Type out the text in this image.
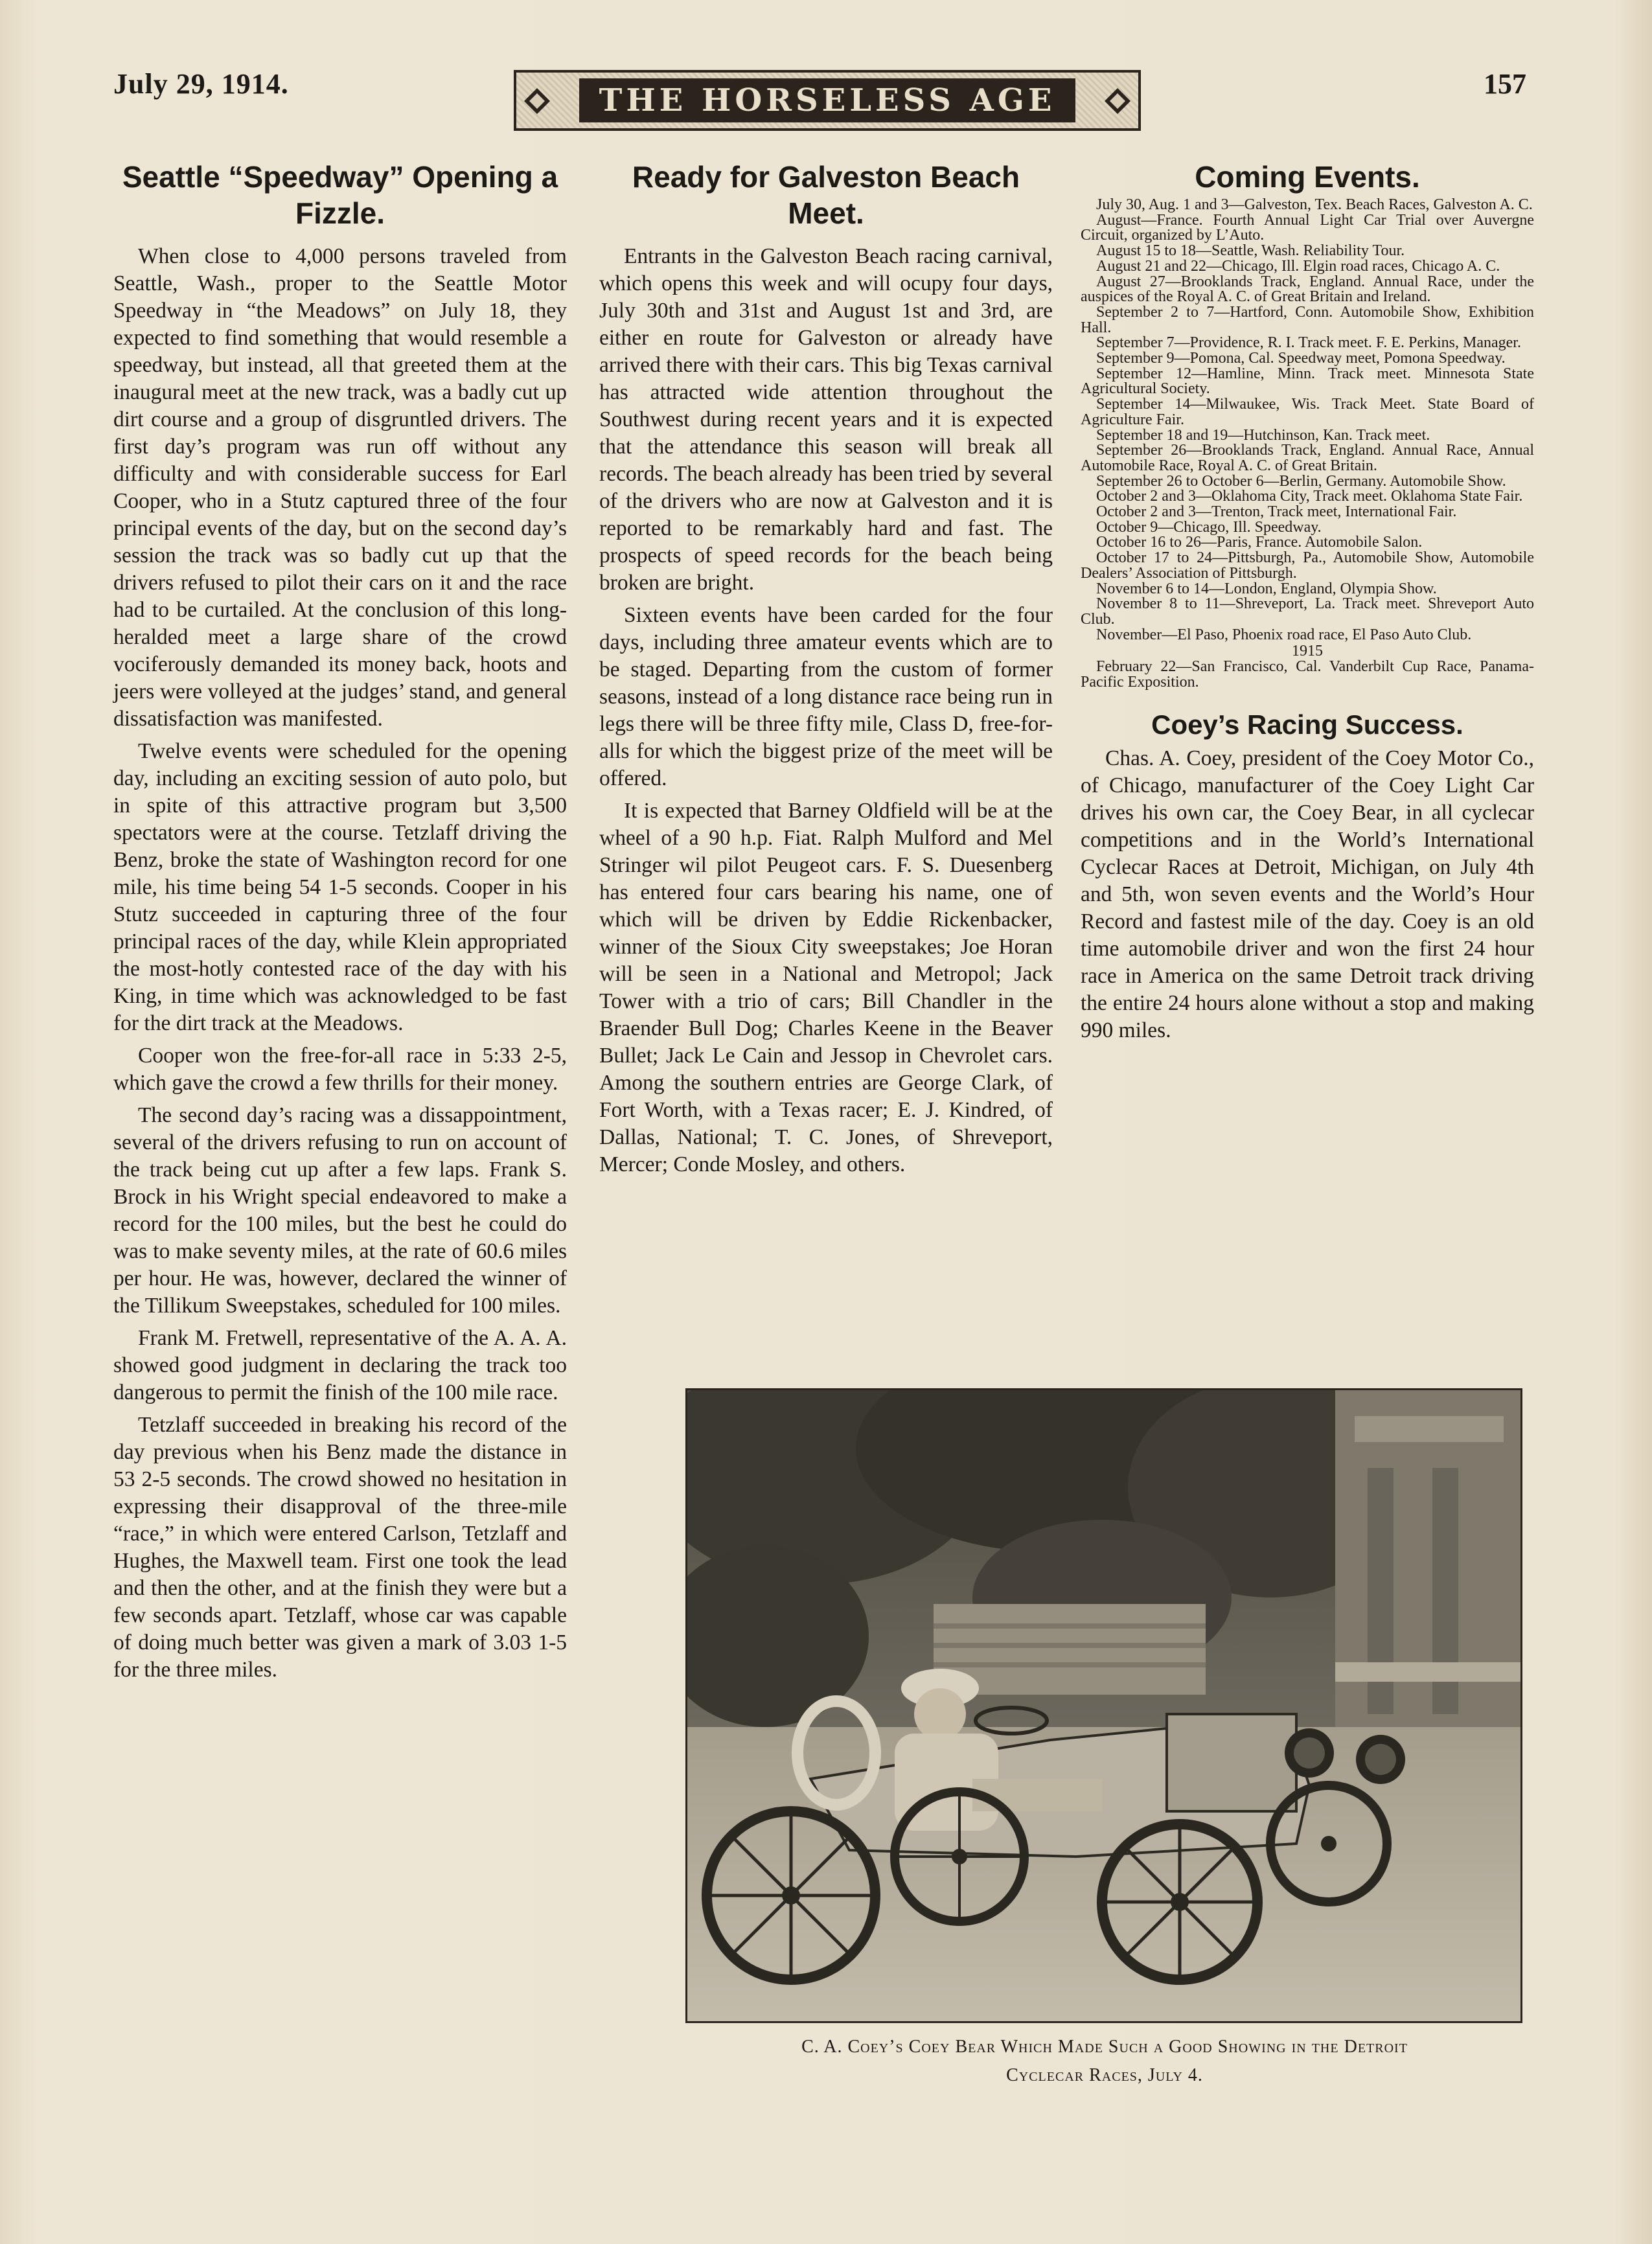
July 29, 1914.	THE HORSELESS AGE	157
Seattle “Speedway” Opening a Fizzle.

When close to 4,000 persons traveled from Seattle, Wash., proper to the Seattle Motor Speedway in “the Meadows” on July 18, they expected to find something that would resemble a speedway, but instead, all that greeted them at the inaugural meet at the new track, was a badly cut up dirt course and a group of disgruntled drivers. The first day’s program was run off without any difficulty and with considerable success for Earl Cooper, who in a Stutz captured three of the four principal events of the day, but on the second day’s session the track was so badly cut up that the drivers refused to pilot their cars on it and the race had to be curtailed. At the conclusion of this long-heralded meet a large share of the crowd vociferously demanded its money back, hoots and jeers were volleyed at the judges’ stand, and general dissatisfaction was manifested.

Twelve events were scheduled for the opening day, including an exciting session of auto polo, but in spite of this attractive program but 3,500 spectators were at the course. Tetzlaff driving the Benz, broke the state of Washington record for one mile, his time being 54 1-5 seconds. Cooper in his Stutz succeeded in capturing three of the four principal races of the day, while Klein appropriated the most-hotly contested race of the day with his King, in time which was acknowledged to be fast for the dirt track at the Meadows.

Cooper won the free-for-all race in 5:33 2-5, which gave the crowd a few thrills for their money.

The second day’s racing was a dissappointment, several of the drivers refusing to run on account of the track being cut up after a few laps. Frank S. Brock in his Wright special endeavored to make a record for the 100 miles, but the best he could do was to make seventy miles, at the rate of 60.6 miles per hour. He was, however, declared the winner of the Tillikum Sweepstakes, scheduled for 100 miles.

Frank M. Fretwell, representative of the A. A. A. showed good judgment in declaring the track too dangerous to permit the finish of the 100 mile race.

Tetzlaff succeeded in breaking his record of the day previous when his Benz made the distance in 53 2-5 seconds. The crowd showed no hesitation in expressing their disapproval of the three-mile “race,” in which were entered Carlson, Tetzlaff and Hughes, the Maxwell team. First one took the lead and then the other, and at the finish they were but a few seconds apart. Tetzlaff, whose car was capable of doing much better was given a mark of 3.03 1-5 for the three miles.

Ready for Galveston Beach Meet.

Entrants in the Galveston Beach racing carnival, which opens this week and will ocupy four days, July 30th and 31st and August 1st and 3rd, are either en route for Galveston or already have arrived there with their cars. This big Texas carnival has attracted wide attention throughout the Southwest during recent years and it is expected that the attendance this season will break all records. The beach already has been tried by several of the drivers who are now at Galveston and it is reported to be remarkably hard and fast. The prospects of speed records for the beach being broken are bright.

Sixteen events have been carded for the four days, including three amateur events which are to be staged. Departing from the custom of former seasons, instead of a long distance race being run in legs there will be three fifty mile, Class D, free-for-alls for which the biggest prize of the meet will be offered.

It is expected that Barney Oldfield will be at the wheel of a 90 h.p. Fiat. Ralph Mulford and Mel Stringer wil pilot Peugeot cars. F. S. Duesenberg has entered four cars bearing his name, one of which will be driven by Eddie Rickenbacker, winner of the Sioux City sweepstakes; Joe Horan will be seen in a National and Metropol; Jack Tower with a trio of cars; Bill Chandler in the Braender Bull Dog; Charles Keene in the Beaver Bullet; Jack Le Cain and Jessop in Chevrolet cars. Among the southern entries are George Clark, of Fort Worth, with a Texas racer; E. J. Kindred, of Dallas, National; T. C. Jones, of Shreveport, Mercer; Conde Mosley, and others.

Coming Events.
July 30, Aug. 1 and 3—Galveston, Tex. Beach Races, Galveston A. C.
August—France. Fourth Annual Light Car Trial over Auvergne Circuit, organized by L’Auto.
August 15 to 18—Seattle, Wash. Reliability Tour.
August 21 and 22—Chicago, Ill. Elgin road races, Chicago A. C.
August 27—Brooklands Track, England. Annual Race, under the auspices of the Royal A. C. of Great Britain and Ireland.
September 2 to 7—Hartford, Conn. Automobile Show, Exhibition Hall.
September 7—Providence, R. I. Track meet. F. E. Perkins, Manager.
September 9—Pomona, Cal. Speedway meet, Pomona Speedway.
September 12—Hamline, Minn. Track meet. Minnesota State Agricultural Society.
September 14—Milwaukee, Wis. Track Meet. State Board of Agriculture Fair.
September 18 and 19—Hutchinson, Kan. Track meet.
September 26—Brooklands Track, England. Annual Race, Annual Automobile Race, Royal A. C. of Great Britain.
September 26 to October 6—Berlin, Germany. Automobile Show.
October 2 and 3—Oklahoma City, Track meet. Oklahoma State Fair.
October 2 and 3—Trenton, Track meet, International Fair.
October 9—Chicago, Ill. Speedway.
October 16 to 26—Paris, France. Automobile Salon.
October 17 to 24—Pittsburgh, Pa., Automobile Show, Automobile Dealers’ Association of Pittsburgh.
November 6 to 14—London, England, Olympia Show.
November 8 to 11—Shreveport, La. Track meet. Shreveport Auto Club.
November—El Paso, Phoenix road race, El Paso Auto Club.
1915
February 22—San Francisco, Cal. Vanderbilt Cup Race, Panama-Pacific Exposition.
Coey’s Racing Success.

Chas. A. Coey, president of the Coey Motor Co., of Chicago, manufacturer of the Coey Light Car drives his own car, the Coey Bear, in all cyclecar competitions and in the World’s International Cyclecar Races at Detroit, Michigan, on July 4th and 5th, won seven events and the World’s Hour Record and fastest mile of the day. Coey is an old time automobile driver and won the first 24 hour race in America on the same Detroit track driving the entire 24 hours alone without a stop and making 990 miles.

C. A. Coey’s Coey Bear Which Made Such a Good Showing in the Detroit
Cyclecar Races, July 4.
